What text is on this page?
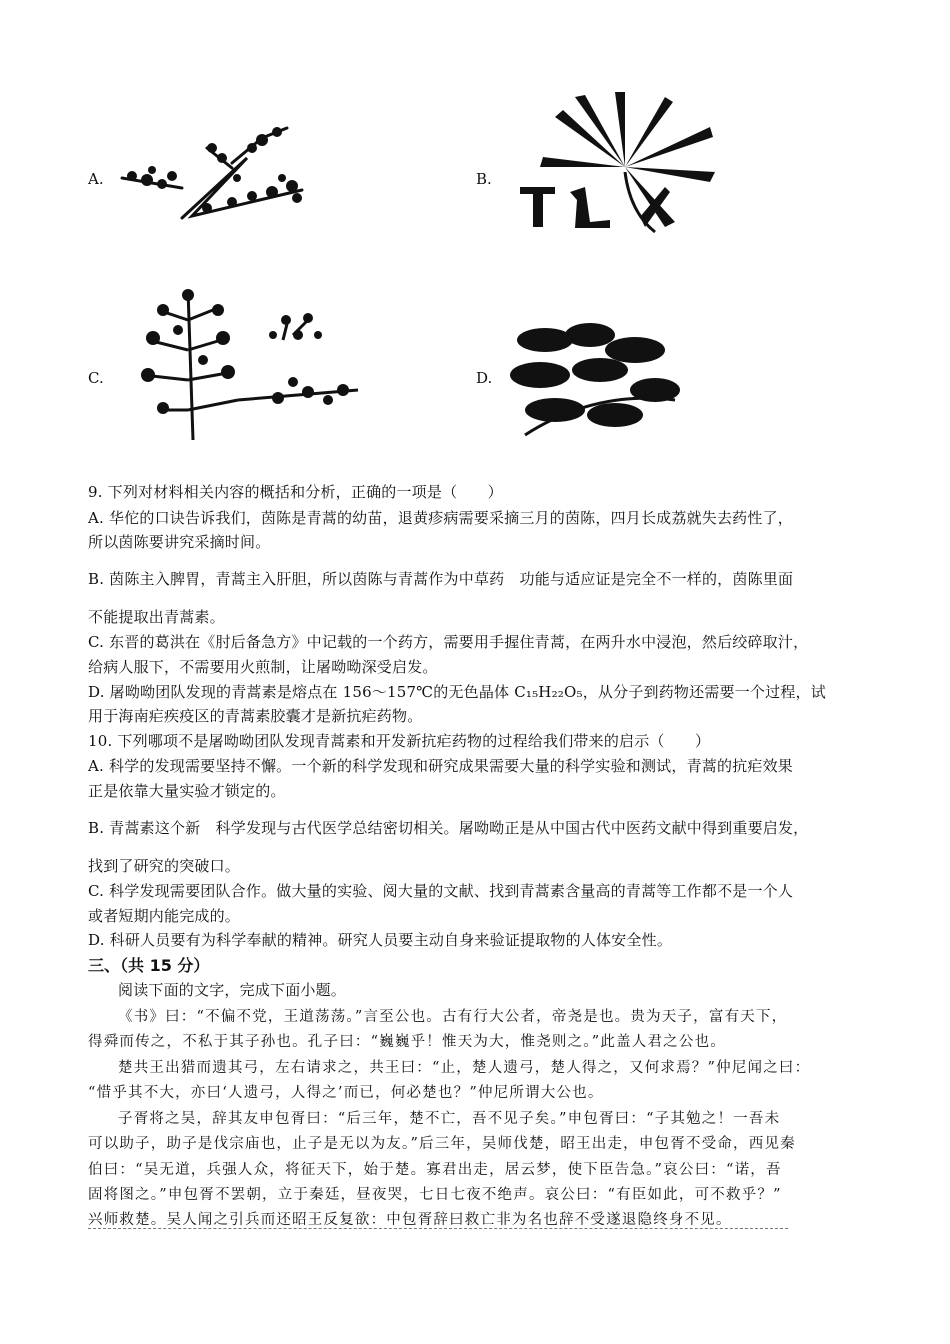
A.	B.
C.	D.
9. 下列对材料相关内容的概括和分析，正确的一项是（　　）
A. 华佗的口诀告诉我们，茵陈是青蒿的幼苗，退黄疹病需要采摘三月的茵陈，四月长成荔就失去药性了，
所以茵陈要讲究采摘时间。
B. 茵陈主入脾胃，青蒿主入肝胆，所以茵陈与青蒿作为中草药　功能与适应证是完全不一样的，茵陈里面
不能提取出青蒿素。
C. 东晋的葛洪在《肘后备急方》中记载的一个药方，需要用手握住青蒿，在两升水中浸泡，然后绞碎取汁，
给病人服下，不需要用火煎制，让屠呦呦深受启发。
D. 屠呦呦团队发现的青蒿素是熔点在 156～157℃的无色晶体 C₁₅H₂₂O₅，从分子到药物还需要一个过程，试
用于海南疟疾疫区的青蒿素胶囊才是新抗疟药物。
10. 下列哪项不是屠呦呦团队发现青蒿素和开发新抗疟药物的过程给我们带来的启示（　　）
A. 科学的发现需要坚持不懈。一个新的科学发现和研究成果需要大量的科学实验和测试，青蒿的抗疟效果
正是依靠大量实验才锁定的。
B. 青蒿素这个新　科学发现与古代医学总结密切相关。屠呦呦正是从中国古代中医药文献中得到重要启发，
找到了研究的突破口。
C. 科学发现需要团队合作。做大量的实验、阅大量的文献、找到青蒿素含量高的青蒿等工作都不是一个人
或者短期内能完成的。
D. 科研人员要有为科学奉献的精神。研究人员要主动自身来验证提取物的人体安全性。
三、（共 15 分）
阅读下面的文字，完成下面小题。
《书》曰：“不偏不党，王道荡荡。”言至公也。古有行大公者，帝尧是也。贵为天子，富有天下，
得舜而传之，不私于其子孙也。孔子曰：“巍巍乎！惟天为大，惟尧则之。”此盖人君之公也。
楚共王出猎而遗其弓，左右请求之，共王曰：“止，楚人遗弓，楚人得之，又何求焉？”仲尼闻之曰：
“惜乎其不大，亦曰‘人遗弓，人得之’而已，何必楚也？”仲尼所谓大公也。
子胥将之吴，辞其友申包胥曰：“后三年，楚不亡，吾不见子矣。”申包胥曰：“子其勉之！一吾未
可以助子，助子是伐宗庙也，止子是无以为友。”后三年，吴师伐楚，昭王出走，申包胥不受命，西见秦
伯曰：“吴无道，兵强人众，将征天下，始于楚。寡君出走，居云梦，使下臣告急。”哀公曰：“诺，吾
固将图之。”申包胥不罢朝，立于秦廷，昼夜哭，七日七夜不绝声。哀公曰：“有臣如此，可不救乎？”
兴师救楚。吴人闻之引兵而还昭王反复欲：中包胥辞曰救亡非为名也辞不受遂退隐终身不见。
